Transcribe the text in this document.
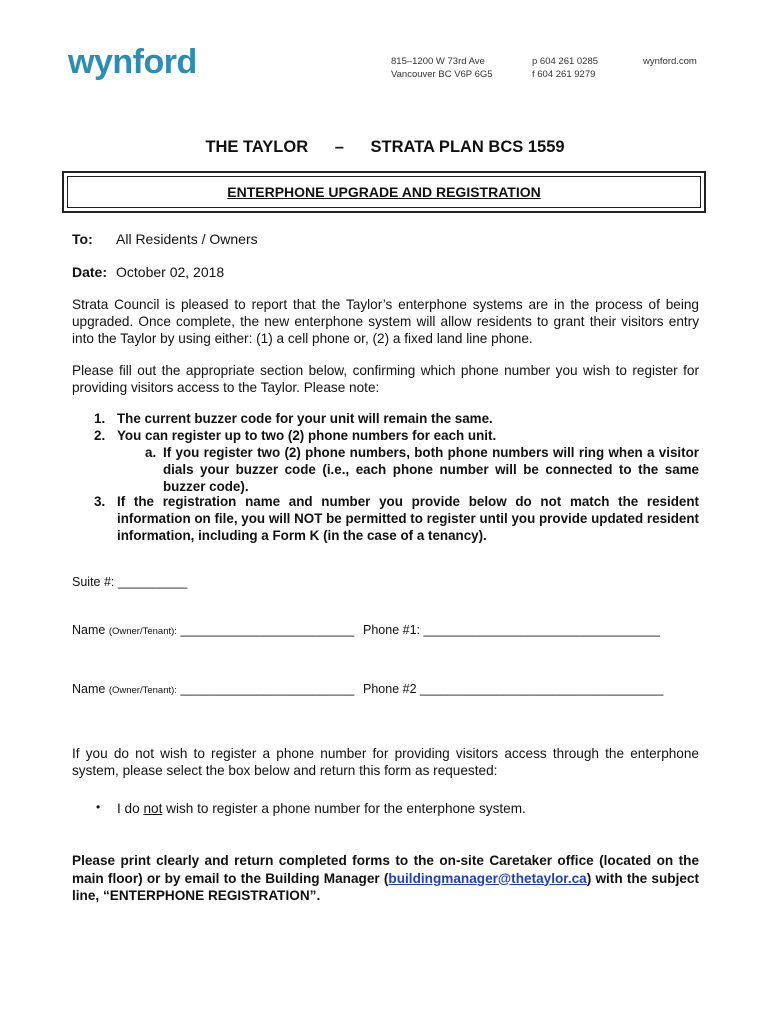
wynford	815–1200 W 73rd Ave
Vancouver BC V6P 6G5
p 604 261 0285
f 604 261 9279
wynford.com
THE TAYLOR – STRATA PLAN BCS 1559
ENTERPHONE UPGRADE AND REGISTRATION
To: All Residents / Owners
Date: October 02, 2018
Strata Council is pleased to report that the Taylor’s enterphone systems are in the process of being upgraded. Once complete, the new enterphone system will allow residents to grant their visitors entry into the Taylor by using either: (1) a cell phone or, (2) a fixed land line phone.
Please fill out the appropriate section below, confirming which phone number you wish to register for providing visitors access to the Taylor. Please note:
1. The current buzzer code for your unit will remain the same.
2. You can register up to two (2) phone numbers for each unit.
a. If you register two (2) phone numbers, both phone numbers will ring when a visitor dials your buzzer code (i.e., each phone number will be connected to the same buzzer code).
3. If the registration name and number you provide below do not match the resident information on file, you will NOT be permitted to register until you provide updated resident information, including a Form K (in the case of a tenancy).
Suite #: __________
Name (Owner/Tenant): _________________________ Phone #1: __________________________________
Name (Owner/Tenant): _________________________ Phone #2 ___________________________________
If you do not wish to register a phone number for providing visitors access through the enterphone system, please select the box below and return this form as requested:
• I do not wish to register a phone number for the enterphone system.
Please print clearly and return completed forms to the on-site Caretaker office (located on the main floor) or by email to the Building Manager (buildingmanager@thetaylor.ca) with the subject line, “ENTERPHONE REGISTRATION”.
